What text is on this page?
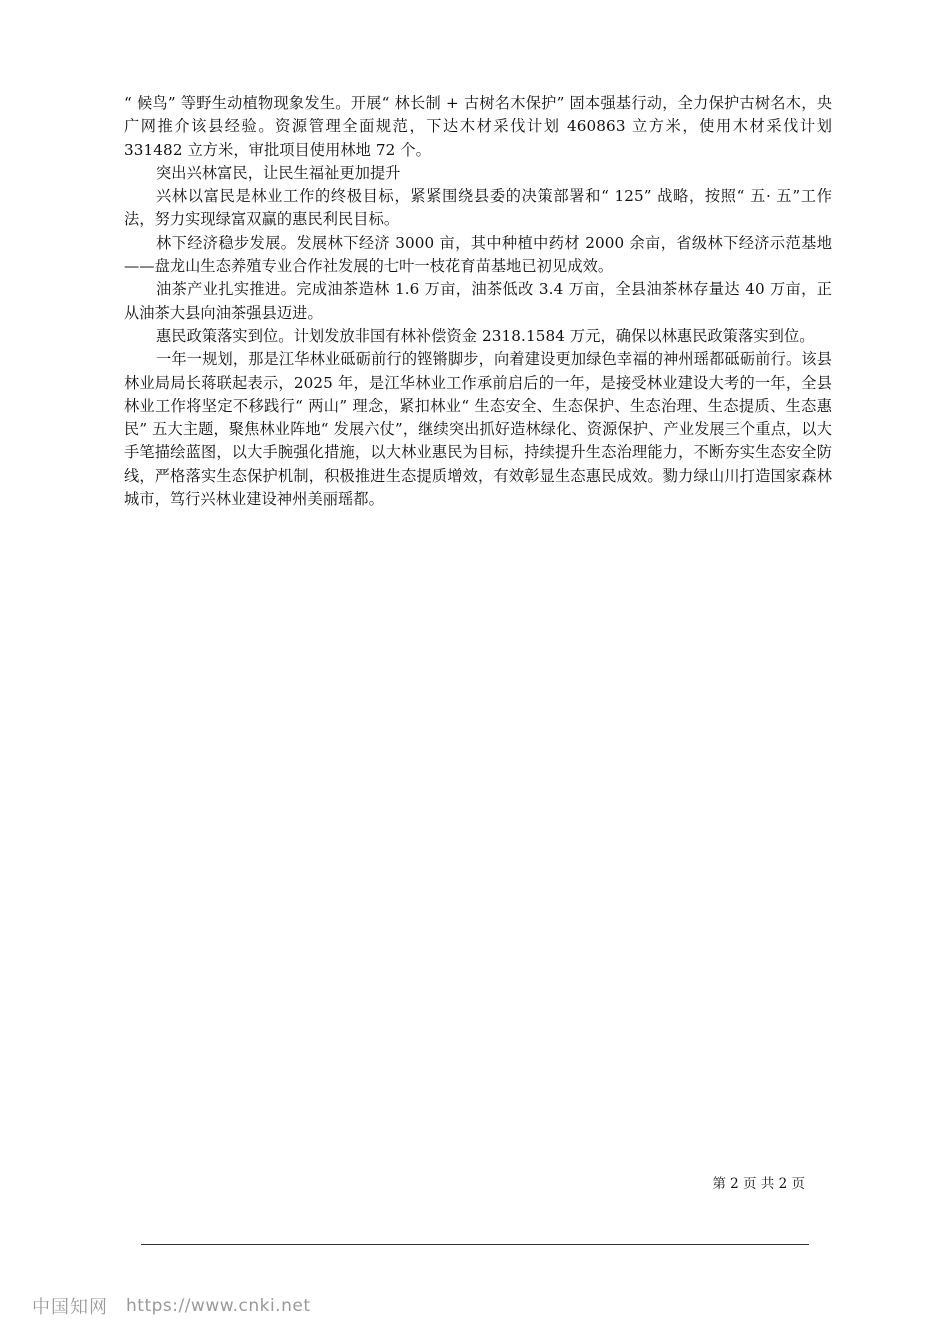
“ 候鸟” 等野生动植物现象发生。开展“ 林长制 + 古树名木保护” 固本强基行动，全力保护古树名木，央广网推介该县经验。资源管理全面规范，下达木材采伐计划 460863 立方米，使用木材采伐计划 331482 立方米，审批项目使用林地 72 个。

突出兴林富民，让民生福祉更加提升

兴林以富民是林业工作的终极目标，紧紧围绕县委的决策部署和“ 125” 战略，按照“ 五· 五”工作法，努力实现绿富双赢的惠民利民目标。

林下经济稳步发展。发展林下经济 3000 亩，其中种植中药材 2000 余亩，省级林下经济示范基地——盘龙山生态养殖专业合作社发展的七叶一枝花育苗基地已初见成效。

油茶产业扎实推进。完成油茶造林 1.6 万亩，油茶低改 3.4 万亩，全县油茶林存量达 40 万亩，正从油茶大县向油茶强县迈进。

惠民政策落实到位。计划发放非国有林补偿资金 2318.1584 万元，确保以林惠民政策落实到位。

一年一规划，那是江华林业砥砺前行的铿锵脚步，向着建设更加绿色幸福的神州瑶都砥砺前行。该县林业局局长蒋联起表示，2025 年，是江华林业工作承前启后的一年，是接受林业建设大考的一年，全县林业工作将坚定不移践行“ 两山” 理念，紧扣林业“ 生态安全、生态保护、生态治理、生态提质、生态惠民” 五大主题，聚焦林业阵地“ 发展六仗”，继续突出抓好造林绿化、资源保护、产业发展三个重点，以大手笔描绘蓝图，以大手腕强化措施，以大林业惠民为目标，持续提升生态治理能力，不断夯实生态安全防线，严格落实生态保护机制，积极推进生态提质增效，有效彰显生态惠民成效。勠力绿山川打造国家森林城市，笃行兴林业建设神州美丽瑶都。

第 2 页 共 2 页
中国知网 https://www.cnki.net
